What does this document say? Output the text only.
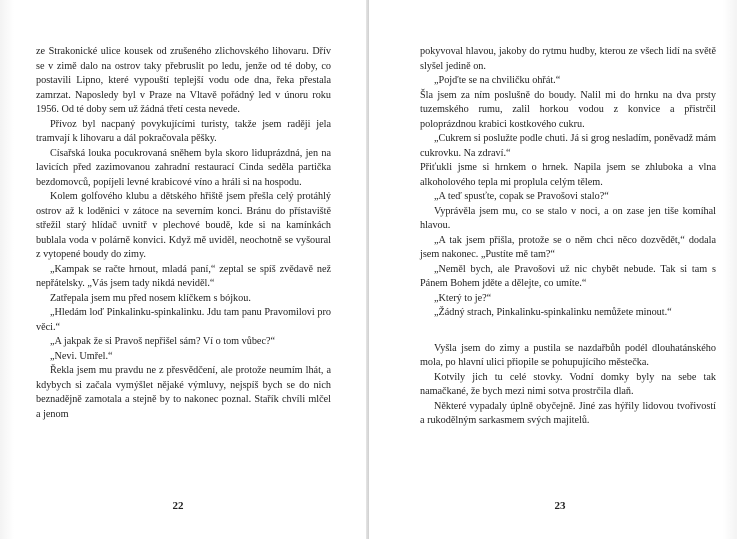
ze Strakonické ulice kousek od zrušeného zlichovského lihovaru. Dřív se v zimě dalo na ostrov taky přebruslit po ledu, jenže od té doby, co postavili Lipno, které vypouští teplejší vodu ode dna, řeka přestala zamrzat. Naposledy byl v Praze na Vltavě pořádný led v únoru roku 1956. Od té doby sem už žádná třetí cesta nevede.

Přívoz byl nacpaný povykujícími turisty, takže jsem raději jela tramvají k lihovaru a dál pokračovala pěšky.

Císařská louka pocukrovaná sněhem byla skoro liduprázdná, jen na lavicích před zazimovanou zahradní restaurací Cinda seděla partička bezdomovců, popíjeli levné krabicové víno a hráli si na hospodu.

Kolem golfového klubu a dětského hřiště jsem přešla celý protáhlý ostrov až k loděnici v zátoce na severním konci. Bránu do přístaviště střežil starý hlídač uvnitř v plechové boudě, kde si na kamínkách bublala voda v polárně konvici. Když mě uviděl, neochotně se vyšoural z vytopené boudy do zimy.

„Kampak se račte hrnout, mladá paní,“ zeptal se spíš zvědavě než nepřátelsky. „Vás jsem tady nikdá neviděl.“

Zatřepala jsem mu před nosem klíčkem s bójkou.

„Hledám loď Pinkalinku-spinkalinku. Jdu tam panu Pravomilovi pro věci.“

„A jakpak že si Pravoš nepřišel sám? Ví o tom vůbec?“

„Nevi. Umřel.“

Řekla jsem mu pravdu ne z přesvědčení, ale protože neumím lhát, a kdybych si začala vymýšlet nějaké výmluvy, nejspíš bych se do nich beznadějně zamotala a stejně by to nakonec poznal. Stařík chvíli mlčel a jenom

22	23

pokyvoval hlavou, jakoby do rytmu hudby, kterou ze všech lidí na světě slyšel jedině on.

„Pojďte se na chviličku ohřát.“

Šla jsem za ním poslušně do boudy. Nalil mi do hrnku na dva prsty tuzemského rumu, zalil horkou vodou z konvice a přistrčil poloprázdnou krabici kostkového cukru.

„Cukrem si poslužte podle chuti. Já si grog nesladím, poněvadž mám cukrovku. Na zdraví.“

Přiťukli jsme si hrnkem o hrnek. Napila jsem se zhluboka a vlna alkoholového tepla mi proplula celým tělem.

„A teď spusťte, copak se Pravošovi stalo?“

Vyprávěla jsem mu, co se stalo v noci, a on zase jen tiše komíhal hlavou.

„A tak jsem přišla, protože se o něm chci něco dozvědět,“ dodala jsem nakonec. „Pustíte mě tam?“

„Neměl bych, ale Pravošovi už nic chybět nebude. Tak si tam s Pánem Bohem jděte a dělejte, co umíte.“

„Který to je?“

„Žádný strach, Pinkalinku-spinkalinku nemůžete minout.“

Vyšla jsem do zimy a pustila se nazdařbůh podél dlouhatánského mola, po hlavní ulici přiopile se pohupujícího městečka.

Kotvily jich tu celé stovky. Vodní domky byly na sebe tak namačkané, že bych mezi nimi sotva prostrčila dlaň.

Některé vypadaly úplně obyčejně. Jiné zas hýřily lidovou tvořivostí a rukodělným sarkasmem svých majitelů.
